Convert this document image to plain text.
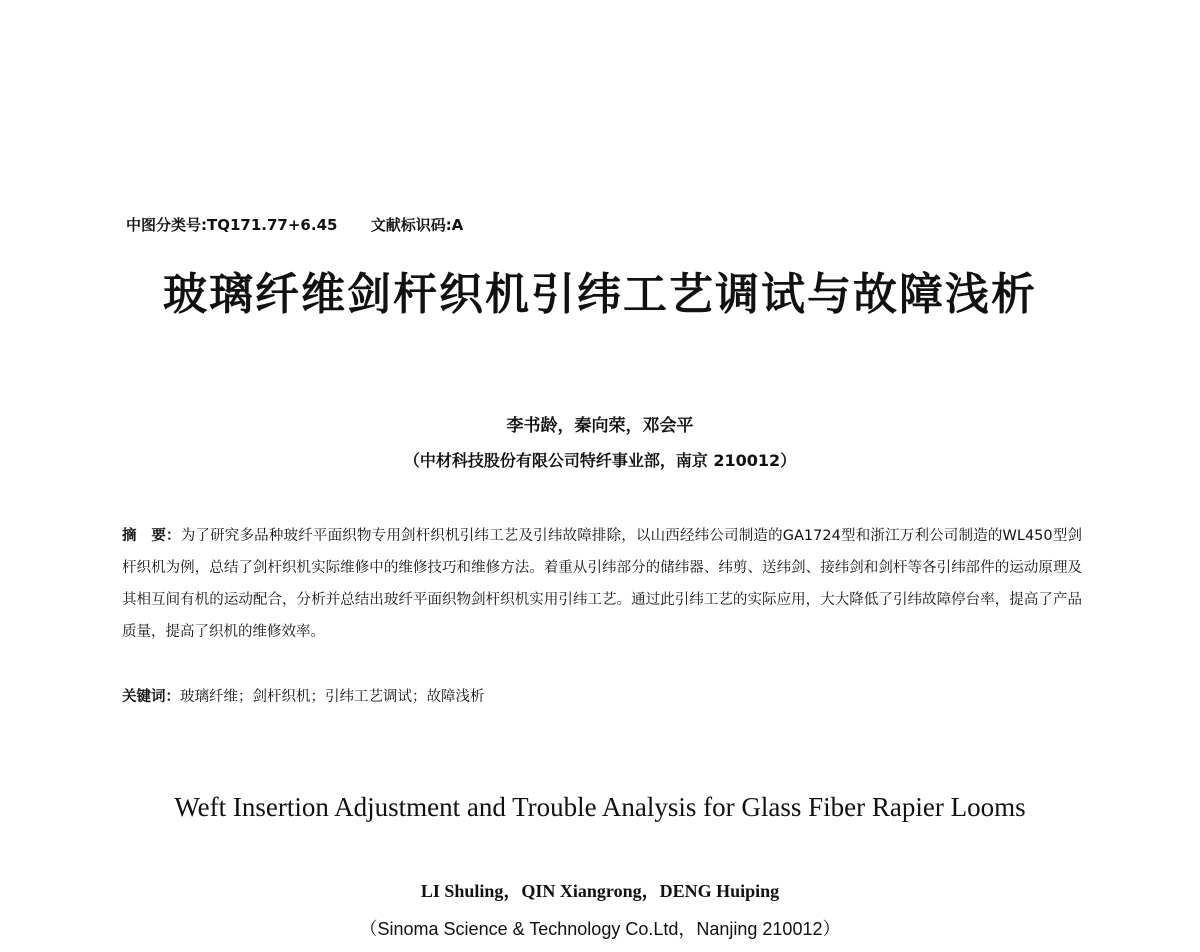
中图分类号:TQ171.77+6.45 文献标识码:A
玻璃纤维剑杆织机引纬工艺调试与故障浅析
李书龄，秦向荣，邓会平
（中材科技股份有限公司特纤事业部，南京 210012）
摘　要：为了研究多品种玻纤平面织物专用剑杆织机引纬工艺及引纬故障排除，以山西经纬公司制造的GA1724型和浙江万利公司制造的WL450型剑杆织机为例，总结了剑杆织机实际维修中的维修技巧和维修方法。着重从引纬部分的储纬器、纬剪、送纬剑、接纬剑和剑杆等各引纬部件的运动原理及其相互间有机的运动配合，分析并总结出玻纤平面织物剑杆织机实用引纬工艺。通过此引纬工艺的实际应用，大大降低了引纬故障停台率，提高了产品质量，提高了织机的维修效率。
关键词：玻璃纤维；剑杆织机；引纬工艺调试；故障浅析
Weft Insertion Adjustment and Trouble Analysis for Glass Fiber Rapier Looms
LI Shuling，QIN Xiangrong，DENG Huiping
（Sinoma Science & Technology Co.Ltd，Nanjing 210012）
